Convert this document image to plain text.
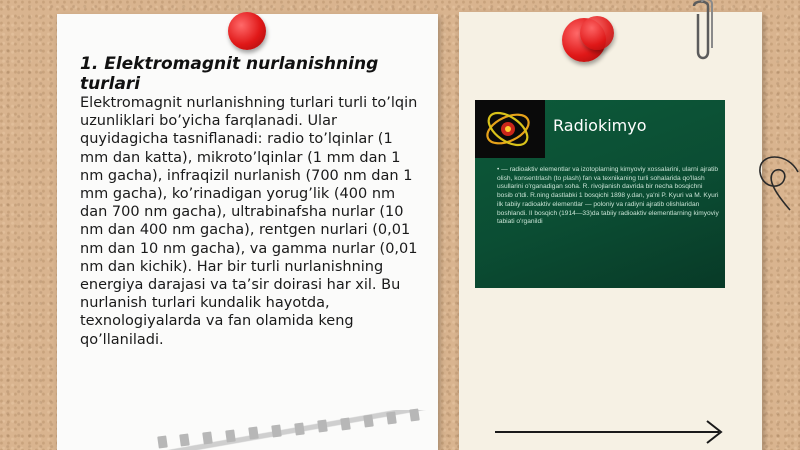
1. Elektromagnit nurlanishning turlari
Elektromagnit nurlanishning turlari turli to’lqin uzunliklari bo’yicha farqlanadi. Ular quyidagicha tasniflanadi: radio to’lqinlar (1 mm dan katta), mikroto’lqinlar (1 mm dan 1 nm gacha), infraqizil nurlanish (700 nm dan 1 mm gacha), ko’rinadigan yorug’lik (400 nm dan 700 nm gacha), ultrabinafsha nurlar (10 nm dan 400 nm gacha), rentgen nurlari (0,01 nm dan 10 nm gacha), va gamma nurlar (0,01 nm dan kichik). Har bir turli nurlanishning energiya darajasi va ta’sir doirasi har xil. Bu nurlanish turlari kundalik hayotda, texnologiyalarda va fan olamida keng qo’llaniladi.
Radiokimyo
• — radioaktiv elementlar va izotoplarning kimyoviy xossalarini, ularni ajratib olish, konsentrlash (to plash) fan va texnikaning turli sohalarida qo'llash usullarini o'rganadigan soha. R. rivojlanish davrida bir necha bosqichni bosib o'tdi. R.ning dastlabki 1 bosqichi 1898 y.dan, ya'ni P. Kyuri va M. Kyuri ilk tabiiy radioaktiv elementlar — poloniy va radiyni ajratib olishlaridan boshlandi. II bosqich (1914—33)da tabiiy radioaktiv elementlarning kimyoviy tabiati o'rganildi
